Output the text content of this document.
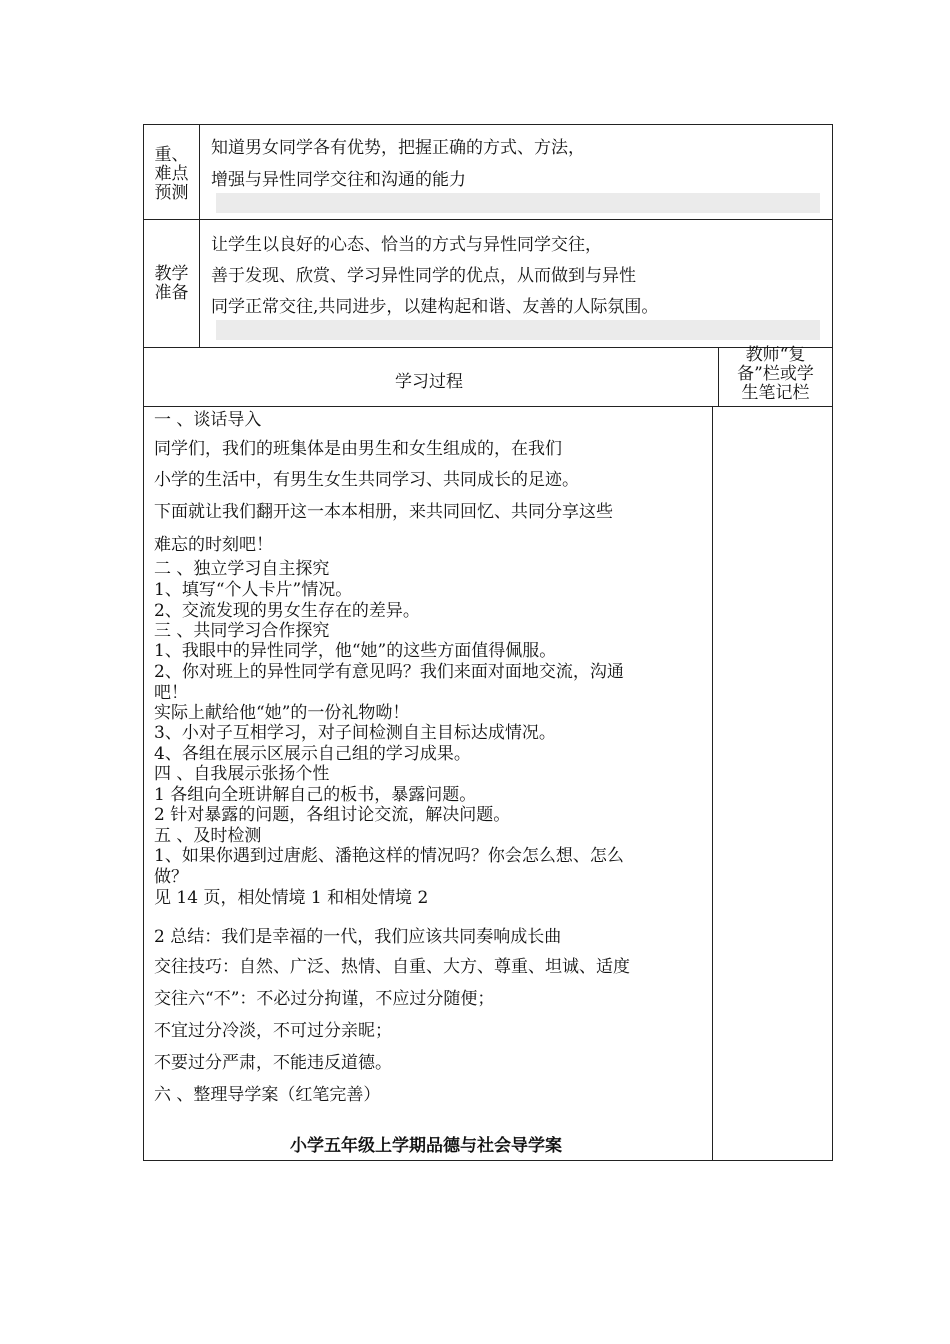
重、
难点
预测
知道男女同学各有优势，把握正确的方式、方法，
增强与异性同学交往和沟通的能力
教学
准备
让学生以良好的心态、恰当的方式与异性同学交往，
善于发现、欣赏、学习异性同学的优点，从而做到与异性
同学正常交往,共同进步，以建构起和谐、友善的人际氛围。
学习过程
教师“复
备”栏或学
生笔记栏
一 、谈话导入
同学们，我们的班集体是由男生和女生组成的，在我们
小学的生活中，有男生女生共同学习、共同成长的足迹。
下面就让我们翻开这一本本相册，来共同回忆、共同分享这些
难忘的时刻吧！
二 、独立学习自主探究
1、填写“个人卡片”情况。
2、交流发现的男女生存在的差异。
三 、共同学习合作探究
1、我眼中的异性同学，他“她”的这些方面值得佩服。
2、你对班上的异性同学有意见吗？我们来面对面地交流，沟通
吧！
实际上献给他“她”的一份礼物呦！
3、小对子互相学习，对子间检测自主目标达成情况。
4、各组在展示区展示自己组的学习成果。
四 、自我展示张扬个性
1 各组向全班讲解自己的板书，暴露问题。
2 针对暴露的问题，各组讨论交流，解决问题。
五 、及时检测
1、如果你遇到过唐彪、潘艳这样的情况吗？你会怎么想、怎么
做？
见 14 页，相处情境 1 和相处情境 2
2 总结：我们是幸福的一代，我们应该共同奏响成长曲
交往技巧：自然、广泛、热情、自重、大方、尊重、坦诚、适度
交往六“不”：不必过分拘谨，不应过分随便；
不宜过分冷淡，不可过分亲昵；
不要过分严肃，不能违反道德。
六 、整理导学案（红笔完善）
小学五年级上学期品德与社会导学案
